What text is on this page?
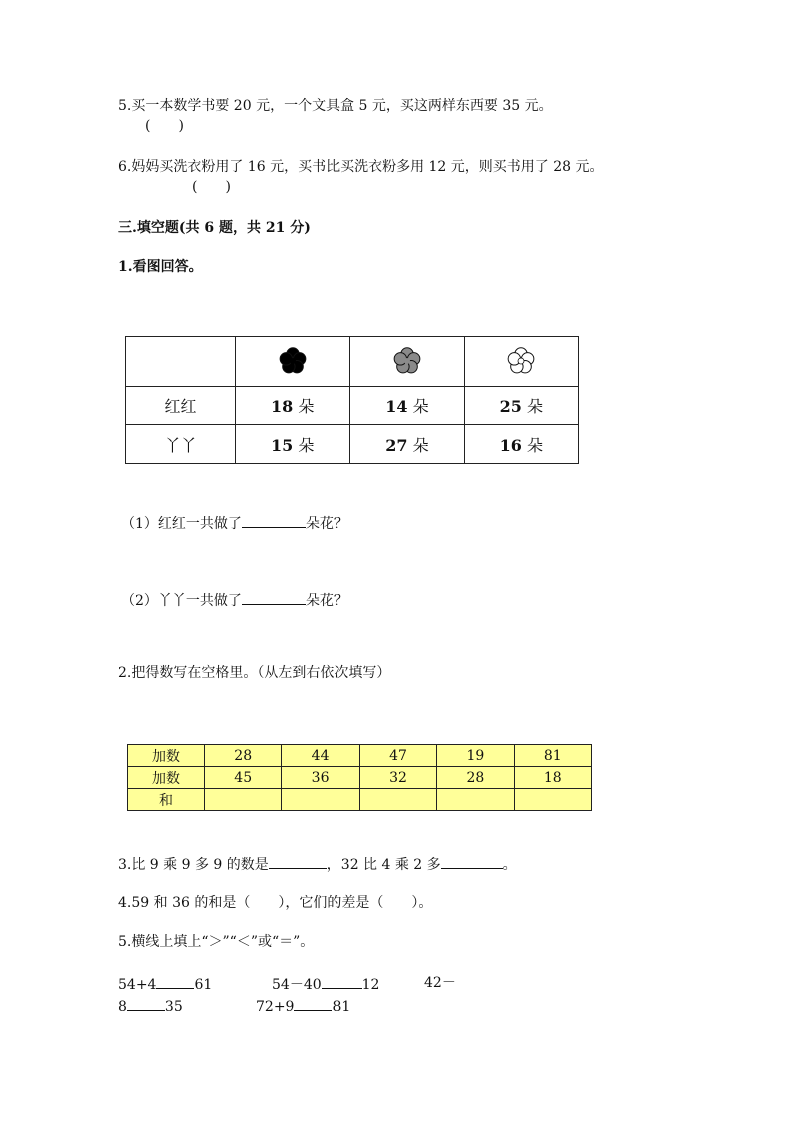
5.买一本数学书要 20 元，一个文具盒 5 元，买这两样东西要 35 元。
(　　)
6.妈妈买洗衣粉用了 16 元，买书比买洗衣粉多用 12 元，则买书用了 28 元。
(　　)
三.填空题(共 6 题，共 21 分)
1.看图回答。

红红	18 朵	14 朵	25 朵
丫丫	15 朵	27 朵	16 朵
（1）红红一共做了	朵花？
（2）丫丫一共做了	朵花？
2.把得数写在空格里。（从左到右依次填写）
加数	28	44	47	19	81
加数	45	36	32	28	18
和					
3.比 9 乘 9 多 9 的数是	，32 比 4 乘 2 多	。
4.59 和 36 的和是（　　），它们的差是（　　）。
5.横线上填上“＞”“＜”或“＝”。
54+4	61	54－40	12	42－
8	35	72+9	81
